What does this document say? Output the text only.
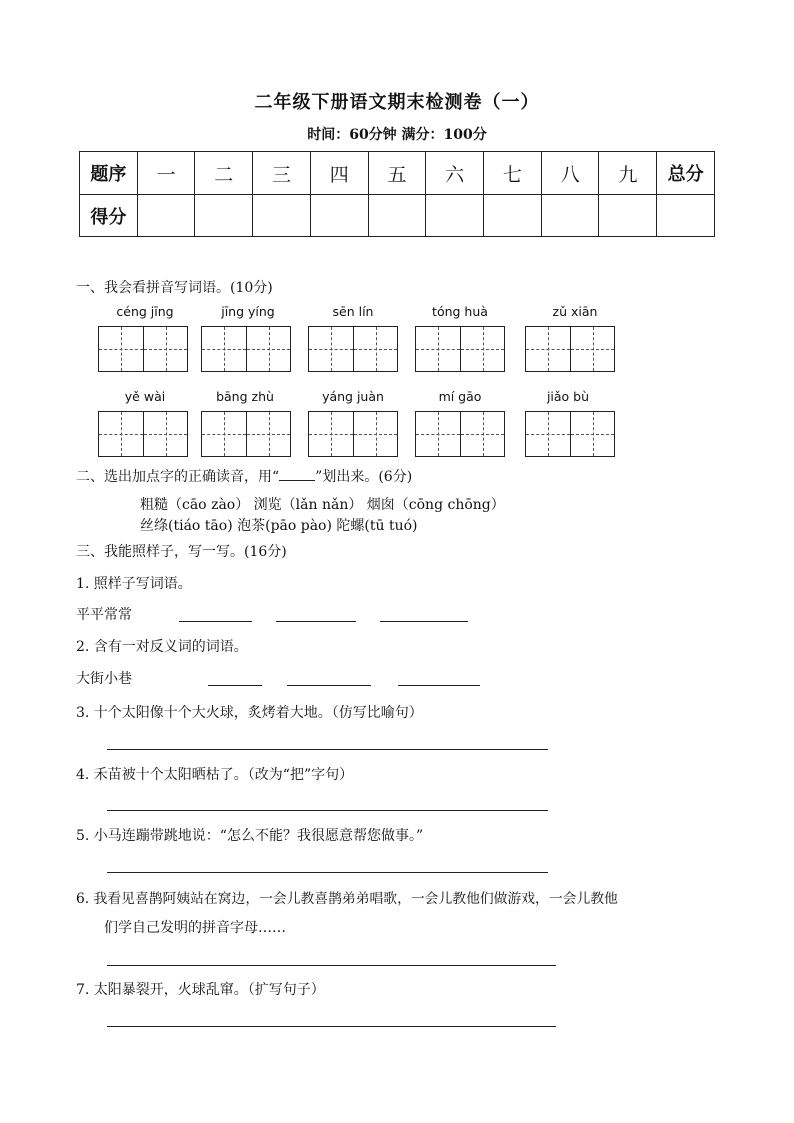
二年级下册语文期末检测卷（一）
时间：60分钟 满分：100分
题序	一	二	三	四	五	六	七	八	九	总分
得分										
一、我会看拼音写词语。(10分)
céng jīng	jīng yíng	sēn lín	tóng huà	zǔ xiān
yě wài	bāng zhù	yáng juàn	mí gāo	jiǎo bù
二、选出加点字的正确读音，用“	”划出来。(6分)
粗糙（cāo zào） 浏览（lǎn nǎn） 烟囱（cōng chōng）
丝绦(tiáo tāo) 泡茶(pāo pào) 陀螺(tū tuó)
三、我能照样子，写一写。(16分)
1. 照样子写词语。
平平常常
2. 含有一对反义词的词语。
大街小巷
3. 十个太阳像十个大火球，炙烤着大地。（仿写比喻句）
4. 禾苗被十个太阳晒枯了。（改为“把”字句）
5. 小马连蹦带跳地说：“怎么不能？我很愿意帮您做事。”
6. 我看见喜鹊阿姨站在窝边，一会儿教喜鹊弟弟唱歌，一会儿教他们做游戏，一会儿教他
们学自己发明的拼音字母……
7. 太阳暴裂开，火球乱窜。（扩写句子）
